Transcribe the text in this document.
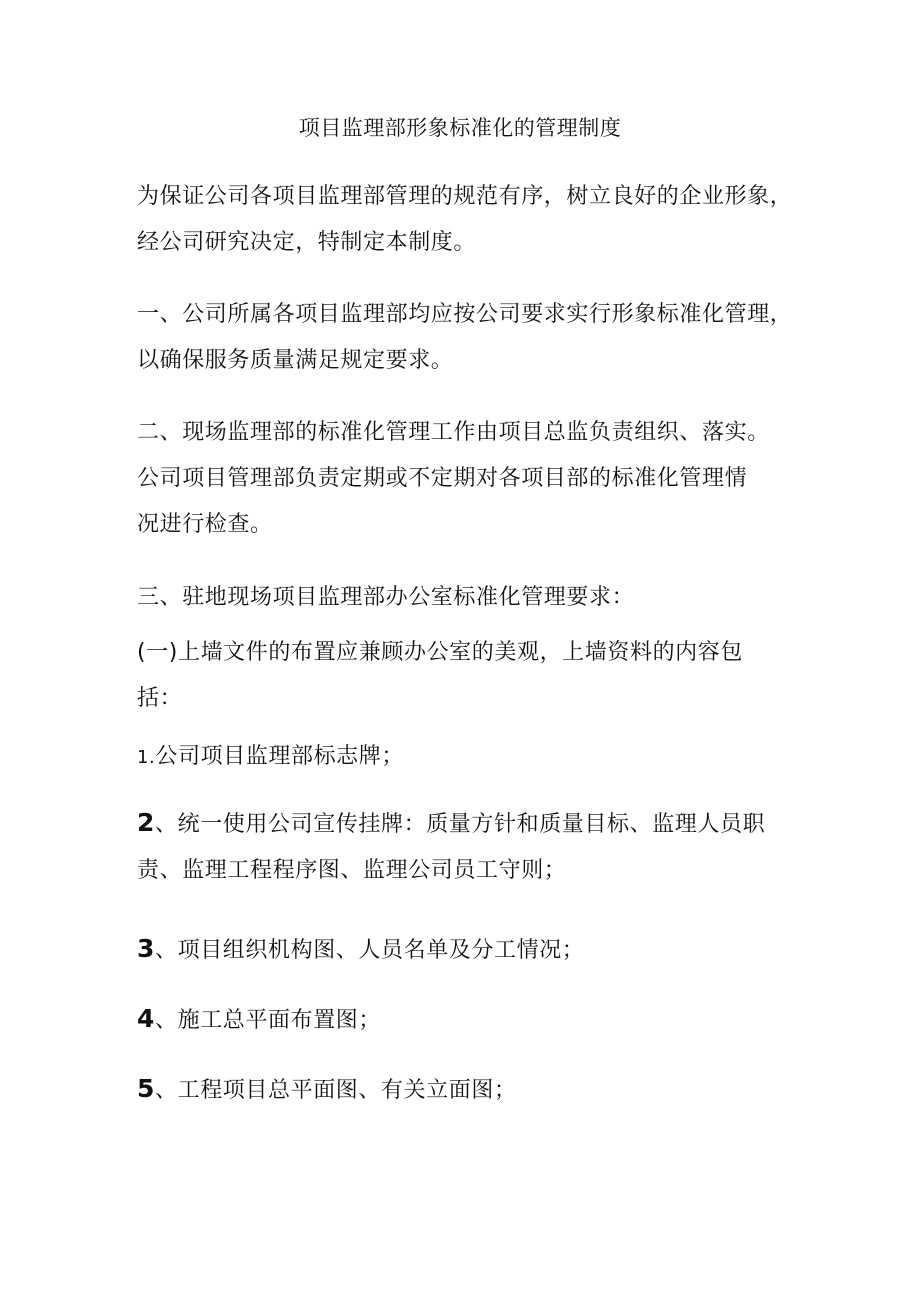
项目监理部形象标准化的管理制度

为保证公司各项目监理部管理的规范有序，树立良好的企业形象，
经公司研究决定，特制定本制度。

一、公司所属各项目监理部均应按公司要求实行形象标准化管理，
以确保服务质量满足规定要求。

二、现场监理部的标准化管理工作由项目总监负责组织、落实。
公司项目管理部负责定期或不定期对各项目部的标准化管理情
况进行检查。

三、驻地现场项目监理部办公室标准化管理要求：

(一)上墙文件的布置应兼顾办公室的美观，上墙资料的内容包
括：

1.公司项目监理部标志牌；

2、统一使用公司宣传挂牌：质量方针和质量目标、监理人员职
责、监理工程程序图、监理公司员工守则；

3、项目组织机构图、人员名单及分工情况；

4、施工总平面布置图；

5、工程项目总平面图、有关立面图；
